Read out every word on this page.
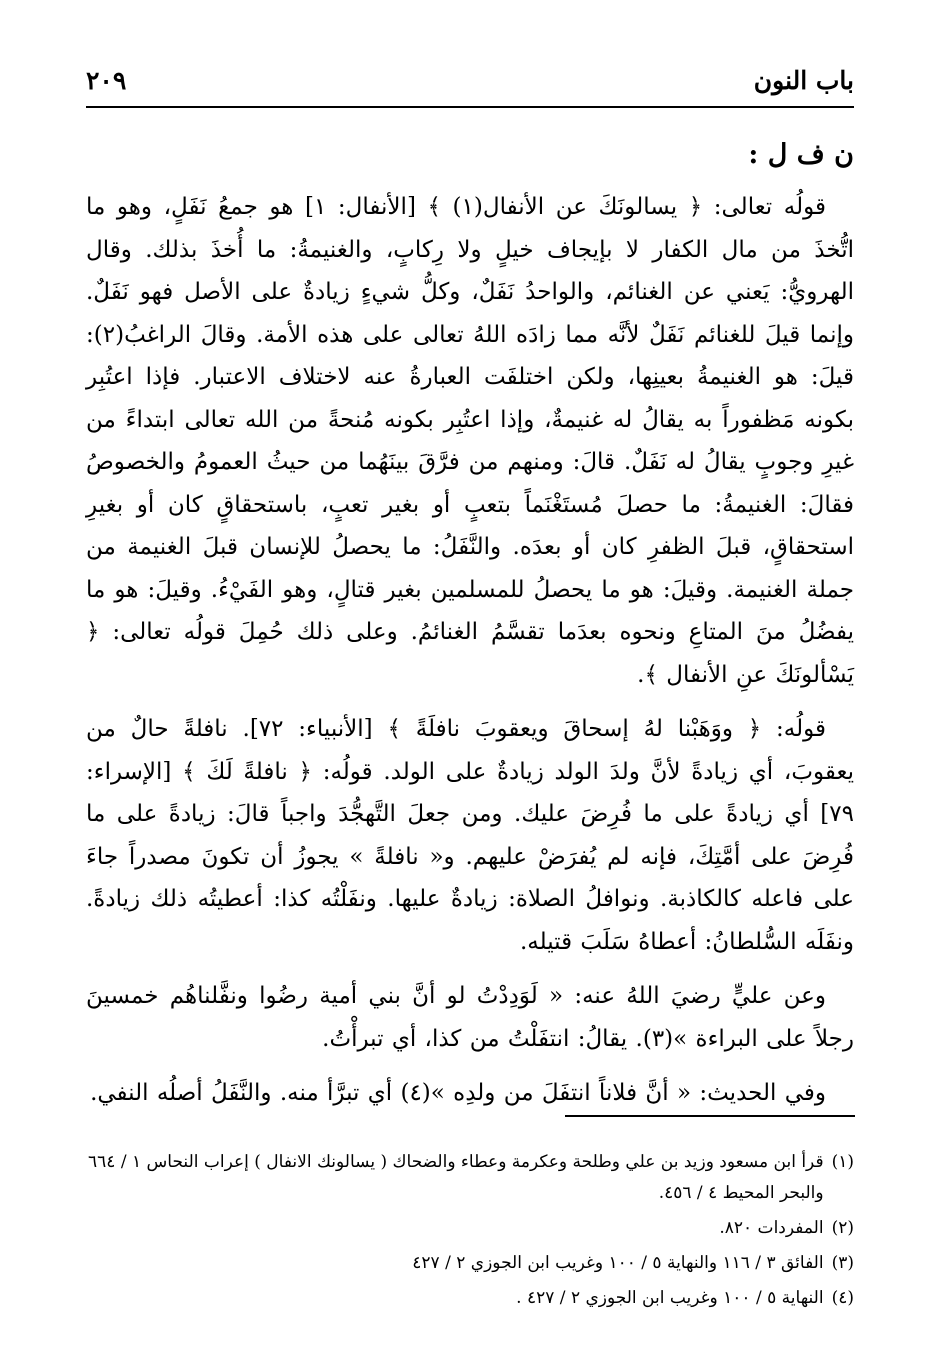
باب النون
٢٠٩
ن ف ل :

قولُه تعالى: ﴿ يسالونَكَ عن الأنفال(١) ﴾ [الأنفال: ١] هو جمعُ نَفَلٍ، وهو ما اتُّخذَ من مال الكفار لا بإيجاف خيلٍ ولا رِكابٍ، والغنيمةُ: ما أُخذَ بذلك. وقال الهرويُّ: يَعني عن الغنائم، والواحدُ نَفَلٌ، وكلُّ شيءٍ زيادةٌ على الأصل فهو نَفَلٌ. وإنما قيلَ للغنائم نَفَلٌ لأنَّه مما زادَه اللهُ تعالى على هذه الأمة. وقالَ الراغبُ(٢): قيلَ: هو الغنيمةُ بعينِها، ولكن اختلفَت العبارةُ عنه لاختلاف الاعتبار. فإذا اعتُبِر بكونه مَظفوراً به يقالُ له غنيمةٌ، وإذا اعتُبِر بكونه مُنحةً من الله تعالى ابتداءً من غيرِ وجوبٍ يقالُ له نَفَلٌ. قالَ: ومنهم من فرَّقَ بينَهُما من حيثُ العمومُ والخصوصُ فقالَ: الغنيمةُ: ما حصلَ مُستَغْنَماً بتعبٍ أو بغير تعبٍ، باستحقاقٍ كان أو بغيرِ استحقاقٍ، قبلَ الظفرِ كان أو بعدَه. والنَّفَلُ: ما يحصلُ للإنسان قبلَ الغنيمة من جملة الغنيمة. وقيلَ: هو ما يحصلُ للمسلمين بغير قتالٍ، وهو الفَيْءُ. وقيلَ: هو ما يفضُلُ منَ المتاعِ ونحوه بعدَما تقسَّمُ الغنائمُ. وعلى ذلك حُمِلَ قولُه تعالى: ﴿ يَسْألونَكَ عنِ الأنفال ﴾.

قولُه: ﴿ ووَهَبْنا لهُ إسحاقَ ويعقوبَ نافلَةً ﴾ [الأنبياء: ٧٢]. نافلةً حالٌ من يعقوبَ، أي زيادةً لأنَّ ولدَ الولد زيادةٌ على الولد. قولُه: ﴿ نافلةً لَكَ ﴾ [الإسراء: ٧٩] أي زيادةً على ما فُرِضَ عليك. ومن جعلَ التَّهجُّدَ واجباً قالَ: زيادةً على ما فُرِضَ على أمَّتِكَ، فإنه لم يُفرَضْ عليهم. و« نافلةً » يجوزُ أن تكونَ مصدراً جاءَ على فاعله كالكاذبة. ونوافلُ الصلاة: زيادةٌ عليها. ونفَلْتُه كذا: أعطيتُه ذلك زيادةً. ونفَلَه السُّلطانُ: أعطاهُ سَلَبَ قتيله.

وعن عليٍّ رضيَ اللهُ عنه: « لَوَدِدْتُ لو أنَّ بني أمية رضُوا ونفَّلناهُم خمسينَ رجلاً على البراءة »(٣). يقالُ: انتفَلْتُ من كذا، أي تبرأْتُ.

وفي الحديث: « أنَّ فلاناً انتفَلَ من ولدِه »(٤) أي تبرَّأ منه. والنَّفَلُ أصلُه النفي.

(١)
قرأ ابن مسعود وزيد بن علي وطلحة وعكرمة وعطاء والضحاك ( يسالونك الانفال ) إعراب النحاس ١ / ٦٦٤ والبحر المحيط ٤ / ٤٥٦.
(٢)
المفردات ٨٢٠.
(٣)
الفائق ٣ / ١١٦ والنهاية ٥ / ١٠٠ وغريب ابن الجوزي ٢ / ٤٢٧
(٤)
النهاية ٥ / ١٠٠ وغريب ابن الجوزي ٢ / ٤٢٧ .
